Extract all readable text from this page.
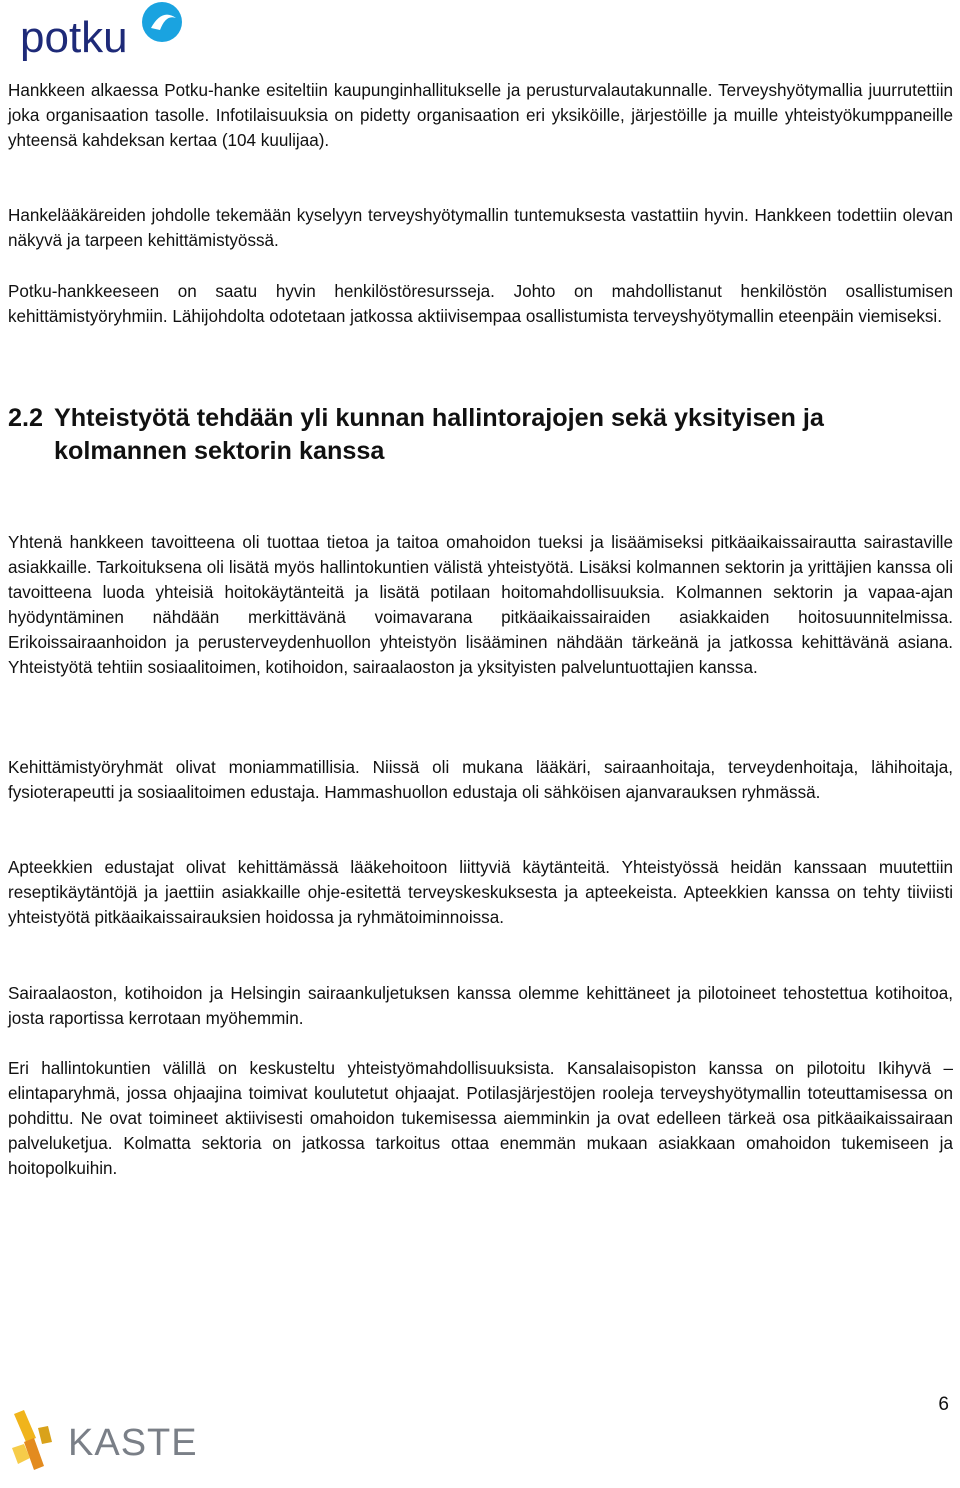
potku

Hankkeen alkaessa Potku-hanke esiteltiin kaupunginhallitukselle ja perusturvalautakunnalle. Terveyshyötymallia juurrutettiin joka organisaation tasolle. Infotilaisuuksia on pidetty organisaation eri yksiköille, järjestöille ja muille yhteistyökumppaneille yhteensä kahdeksan kertaa (104 kuulijaa).

Hankelääkäreiden johdolle tekemään kyselyyn terveyshyötymallin tuntemuksesta vastattiin hyvin. Hankkeen todettiin olevan näkyvä ja tarpeen kehittämistyössä.

Potku-hankkeeseen on saatu hyvin henkilöstöresursseja. Johto on mahdollistanut henkilöstön osallistumisen kehittämistyöryhmiin. Lähijohdolta odotetaan jatkossa aktiivisempaa osallistumista terveyshyötymallin eteenpäin viemiseksi.

2.2 Yhteistyötä tehdään yli kunnan hallintorajojen sekä yksityisen ja
kolmannen sektorin kanssa

Yhtenä hankkeen tavoitteena oli tuottaa tietoa ja taitoa omahoidon tueksi ja lisäämiseksi pitkäaikaissairautta sairastaville asiakkaille. Tarkoituksena oli lisätä myös hallintokuntien välistä yhteistyötä. Lisäksi kolmannen sektorin ja yrittäjien kanssa oli tavoitteena luoda yhteisiä hoitokäytänteitä ja lisätä potilaan hoitomahdollisuuksia. Kolmannen sektorin ja vapaa-ajan hyödyntäminen nähdään merkittävänä voimavarana pitkäaikaissairaiden asiakkaiden hoitosuunnitelmissa. Erikoissairaanhoidon ja perusterveydenhuollon yhteistyön lisääminen nähdään tärkeänä ja jatkossa kehittävänä asiana. Yhteistyötä tehtiin sosiaalitoimen, kotihoidon, sairaalaoston ja yksityisten palveluntuottajien kanssa.

Kehittämistyöryhmät olivat moniammatillisia. Niissä oli mukana lääkäri, sairaanhoitaja, terveydenhoitaja, lähihoitaja, fysioterapeutti ja sosiaalitoimen edustaja. Hammashuollon edustaja oli sähköisen ajanvarauksen ryhmässä.

Apteekkien edustajat olivat kehittämässä lääkehoitoon liittyviä käytänteitä. Yhteistyössä heidän kanssaan muutettiin reseptikäytäntöjä ja jaettiin asiakkaille ohje-esitettä terveyskeskuksesta ja apteekeista. Apteekkien kanssa on tehty tiiviisti yhteistyötä pitkäaikaissairauksien hoidossa ja ryhmätoiminnoissa.

Sairaalaoston, kotihoidon ja Helsingin sairaankuljetuksen kanssa olemme kehittäneet ja pilotoineet tehostettua kotihoitoa, josta raportissa kerrotaan myöhemmin.

Eri hallintokuntien välillä on keskusteltu yhteistyömahdollisuuksista. Kansalaisopiston kanssa on pilotoitu Ikihyvä –elintaparyhmä, jossa ohjaajina toimivat koulutetut ohjaajat. Potilasjärjestöjen rooleja terveyshyötymallin toteuttamisessa on pohdittu. Ne ovat toimineet aktiivisesti omahoidon tukemisessa aiemminkin ja ovat edelleen tärkeä osa pitkäaikaissairaan palveluketjua. Kolmatta sektoria on jatkossa tarkoitus ottaa enemmän mukaan asiakkaan omahoidon tukemiseen ja hoitopolkuihin.

6
KASTE
